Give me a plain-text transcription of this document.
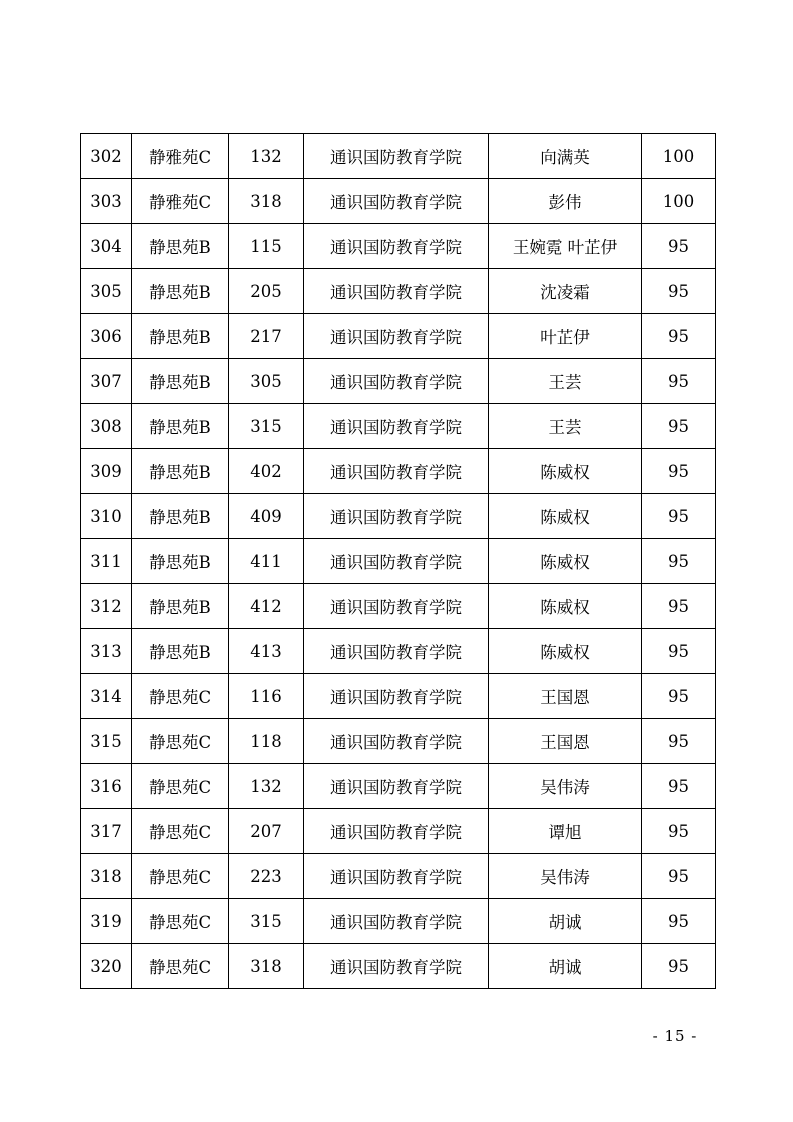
302	静雅苑C	132	通识国防教育学院	向满英	100
303	静雅苑C	318	通识国防教育学院	彭伟	100
304	静思苑B	115	通识国防教育学院	王婉霓 叶芷伊	95
305	静思苑B	205	通识国防教育学院	沈凌霜	95
306	静思苑B	217	通识国防教育学院	叶芷伊	95
307	静思苑B	305	通识国防教育学院	王芸	95
308	静思苑B	315	通识国防教育学院	王芸	95
309	静思苑B	402	通识国防教育学院	陈威权	95
310	静思苑B	409	通识国防教育学院	陈威权	95
311	静思苑B	411	通识国防教育学院	陈威权	95
312	静思苑B	412	通识国防教育学院	陈威权	95
313	静思苑B	413	通识国防教育学院	陈威权	95
314	静思苑C	116	通识国防教育学院	王国恩	95
315	静思苑C	118	通识国防教育学院	王国恩	95
316	静思苑C	132	通识国防教育学院	吴伟涛	95
317	静思苑C	207	通识国防教育学院	谭旭	95
318	静思苑C	223	通识国防教育学院	吴伟涛	95
319	静思苑C	315	通识国防教育学院	胡诚	95
320	静思苑C	318	通识国防教育学院	胡诚	95
- 15 -
